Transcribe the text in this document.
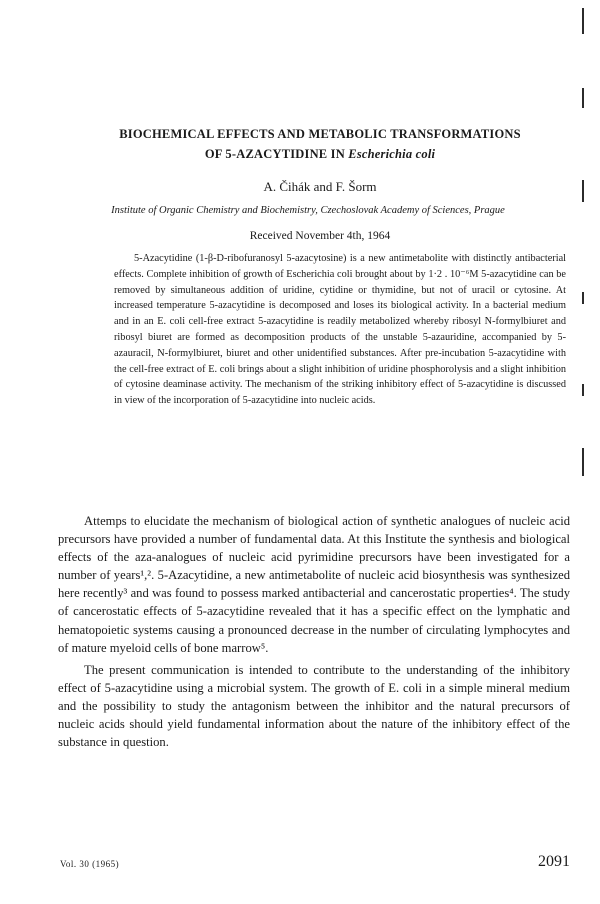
BIOCHEMICAL EFFECTS AND METABOLIC TRANSFORMATIONS
OF 5-AZACYTIDINE IN Escherichia coli
A. Čihák and F. Šorm
Institute of Organic Chemistry and Biochemistry, Czechoslovak Academy of Sciences, Prague
Received November 4th, 1964

5-Azacytidine (1-β-D-ribofuranosyl 5-azacytosine) is a new antimetabolite with distinctly antibacterial effects. Complete inhibition of growth of Escherichia coli brought about by 1·2 . 10⁻⁶M 5-azacytidine can be removed by simultaneous addition of uridine, cytidine or thymidine, but not of uracil or cytosine. At increased temperature 5-azacytidine is decomposed and loses its biological activity. In a bacterial medium and in an E. coli cell-free extract 5-azacytidine is readily metabolized whereby ribosyl N-formylbiuret and ribosyl biuret are formed as decomposition products of the unstable 5-azauridine, accompanied by 5-azauracil, N-formylbiuret, biuret and other unidentified substances. After pre-incubation 5-azacytidine with the cell-free extract of E. coli brings about a slight inhibition of uridine phosphorolysis and a slight inhibition of cytosine deaminase activity. The mechanism of the striking inhibitory effect of 5-azacytidine is discussed in view of the incorporation of 5-azacytidine into nucleic acids.

Attemps to elucidate the mechanism of biological action of synthetic analogues of nucleic acid precursors have provided a number of fundamental data. At this Institute the synthesis and biological effects of the aza-analogues of nucleic acid pyrimidine precursors have been investigated for a number of years¹,². 5-Azacytidine, a new antimetabolite of nucleic acid biosynthesis was synthesized here recently³ and was found to possess marked antibacterial and cancerostatic properties⁴. The study of cancerostatic effects of 5-azacytidine revealed that it has a specific effect on the lymphatic and hematopoietic systems causing a pronounced decrease in the number of circulating lymphocytes and of mature myeloid cells of bone marrow⁵.

The present communication is intended to contribute to the understanding of the inhibitory effect of 5-azacytidine using a microbial system. The growth of E. coli in a simple mineral medium and the possibility to study the antagonism between the inhibitor and the natural precursors of nucleic acids should yield fundamental information about the nature of the inhibitory effect of the substance in question.

Vol. 30 (1965)	2091
